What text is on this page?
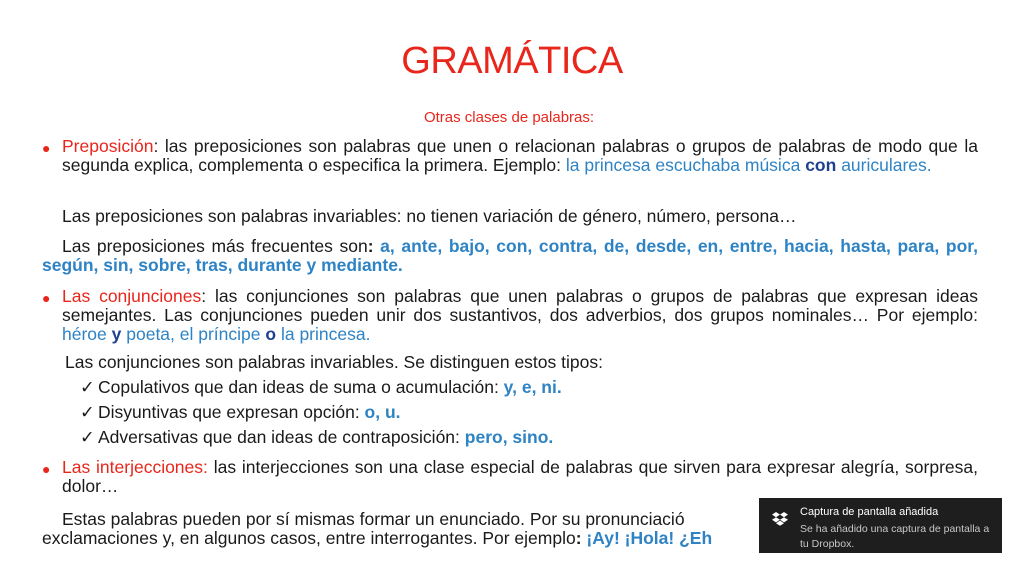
GRAMÁTICA
Otras clases de palabras:
● Preposición: las preposiciones son palabras que unen o relacionan palabras o grupos de palabras de modo que la segunda explica, complementa o especifica la primera. Ejemplo: la princesa escuchaba música con auriculares.
Las preposiciones son palabras invariables: no tienen variación de género, número, persona…
Las preposiciones más frecuentes son: a, ante, bajo, con, contra, de, desde, en, entre, hacia, hasta, para, por, según, sin, sobre, tras, durante y mediante.
● Las conjunciones: las conjunciones son palabras que unen palabras o grupos de palabras que expresan ideas semejantes. Las conjunciones pueden unir dos sustantivos, dos adverbios, dos grupos nominales… Por ejemplo: héroe y poeta, el príncipe o la princesa.
Las conjunciones son palabras invariables. Se distinguen estos tipos:
✓ Copulativos que dan ideas de suma o acumulación: y, e, ni.
✓ Disyuntivas que expresan opción: o, u.
✓ Adversativas que dan ideas de contraposición: pero, sino.
● Las interjecciones: las interjecciones son una clase especial de palabras que sirven para expresar alegría, sorpresa, dolor…
Estas palabras pueden por sí mismas formar un enunciado. Por su pronunciació
exclamaciones y, en algunos casos, entre interrogantes. Por ejemplo: ¡Ay! ¡Hola! ¿Eh
Captura de pantalla añadida
Se ha añadido una captura de pantalla a tu Dropbox.
